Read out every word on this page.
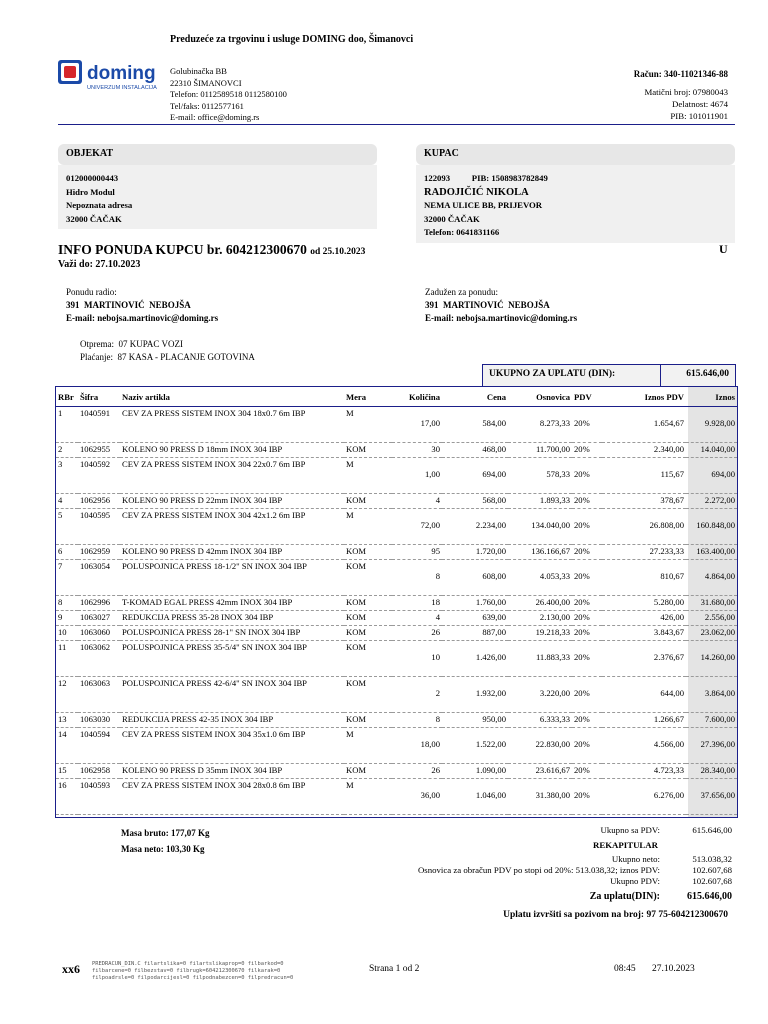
doming
UNIVERZUM INSTALACIJA
Preduzeće za trgovinu i usluge DOMING doo, Šimanovci
Golubinačka BB
22310 ŠIMANOVCI
Telefon: 0112589518 0112580100
Tel/faks: 0112577161
E-mail: office@doming.rs
Račun: 340-11021346-88
Matični broj: 07980043
Delatnost: 4674
PIB: 101011901
OBJEKAT
012000000443
Hidro Modul
Nepoznata adresa
32000 ČAČAK
KUPAC
122093          PIB: 1508983782849
RADOJIČIĆ NIKOLA
NEMA ULICE BB, PRIJEVOR
32000 ČAČAK
Telefon: 0641831166
INFO PONUDA KUPCU br. 604212300670 od 25.10.2023
Važi do: 27.10.2023
U
Ponudu radio:
391  MARTINOVIĆ  NEBOJŠA
E-mail: nebojsa.martinovic@doming.rs
Zadužen za ponudu:
391  MARTINOVIĆ  NEBOJŠA
E-mail: nebojsa.martinovic@doming.rs
Otprema:  07 KUPAC VOZI
Plaćanje:  87 KASA - PLACANJE GOTOVINA
UKUPNO ZA UPLATU (DIN):	615.646,00
RBr	Šifra	Naziv artikla	Mera	Količina	Cena	Osnovica	PDV	Iznos PDV	Iznos
1	1040591	CEV ZA PRESS SISTEM INOX 304 18x0.7 6m IBP	M	17,00	584,00	8.273,33	20%	1.654,67	9.928,00
2	1062955	KOLENO 90 PRESS D 18mm INOX 304 IBP	KOM	30	468,00	11.700,00	20%	2.340,00	14.040,00
3	1040592	CEV ZA PRESS SISTEM INOX 304 22x0.7 6m IBP	M	1,00	694,00	578,33	20%	115,67	694,00
4	1062956	KOLENO 90 PRESS D 22mm INOX 304 IBP	KOM	4	568,00	1.893,33	20%	378,67	2.272,00
5	1040595	CEV ZA PRESS SISTEM INOX 304 42x1.2 6m IBP	M	72,00	2.234,00	134.040,00	20%	26.808,00	160.848,00
6	1062959	KOLENO 90 PRESS D 42mm INOX 304 IBP	KOM	95	1.720,00	136.166,67	20%	27.233,33	163.400,00
7	1063054	POLUSPOJNICA PRESS 18-1/2" SN INOX 304 IBP	KOM	8	608,00	4.053,33	20%	810,67	4.864,00
8	1062996	T-KOMAD EGAL PRESS 42mm INOX 304 IBP	KOM	18	1.760,00	26.400,00	20%	5.280,00	31.680,00
9	1063027	REDUKCIJA PRESS 35-28 INOX 304 IBP	KOM	4	639,00	2.130,00	20%	426,00	2.556,00
10	1063060	POLUSPOJNICA PRESS 28-1" SN INOX 304 IBP	KOM	26	887,00	19.218,33	20%	3.843,67	23.062,00
11	1063062	POLUSPOJNICA PRESS 35-5/4" SN INOX 304 IBP	KOM	10	1.426,00	11.883,33	20%	2.376,67	14.260,00
12	1063063	POLUSPOJNICA PRESS 42-6/4" SN INOX 304 IBP	KOM	2	1.932,00	3.220,00	20%	644,00	3.864,00
13	1063030	REDUKCIJA PRESS 42-35 INOX 304 IBP	KOM	8	950,00	6.333,33	20%	1.266,67	7.600,00
14	1040594	CEV ZA PRESS SISTEM INOX 304 35x1.0 6m IBP	M	18,00	1.522,00	22.830,00	20%	4.566,00	27.396,00
15	1062958	KOLENO 90 PRESS D 35mm INOX 304 IBP	KOM	26	1.090,00	23.616,67	20%	4.723,33	28.340,00
16	1040593	CEV ZA PRESS SISTEM INOX 304 28x0.8 6m IBP	M	36,00	1.046,00	31.380,00	20%	6.276,00	37.656,00

Masa bruto: 177,07 Kg
Masa neto: 103,30 Kg
Ukupno sa PDV:	615.646,00
REKAPITULAR
Ukupno neto:	513.038,32
Osnovica za obračun PDV po stopi od 20%: 513.038,32; iznos PDV:	102.607,68
Ukupno PDV:	102.607,68
Za uplatu(DIN):	615.646,00
Uplatu izvršiti sa pozivom na broj: 97 75-604212300670
xx6 PREDRACUN_DIN.C filartslika=0 filartslikaprop=0 filbarkod=0
filbarcene=0 filbezstav=0 filbrugk=604212300670 filkarak=0
filpoadrsle=0 filpodarcijesl=0 filpodnabezcen=0 filpredracun=0
Strana 1 od 2	08:45 27.10.2023
